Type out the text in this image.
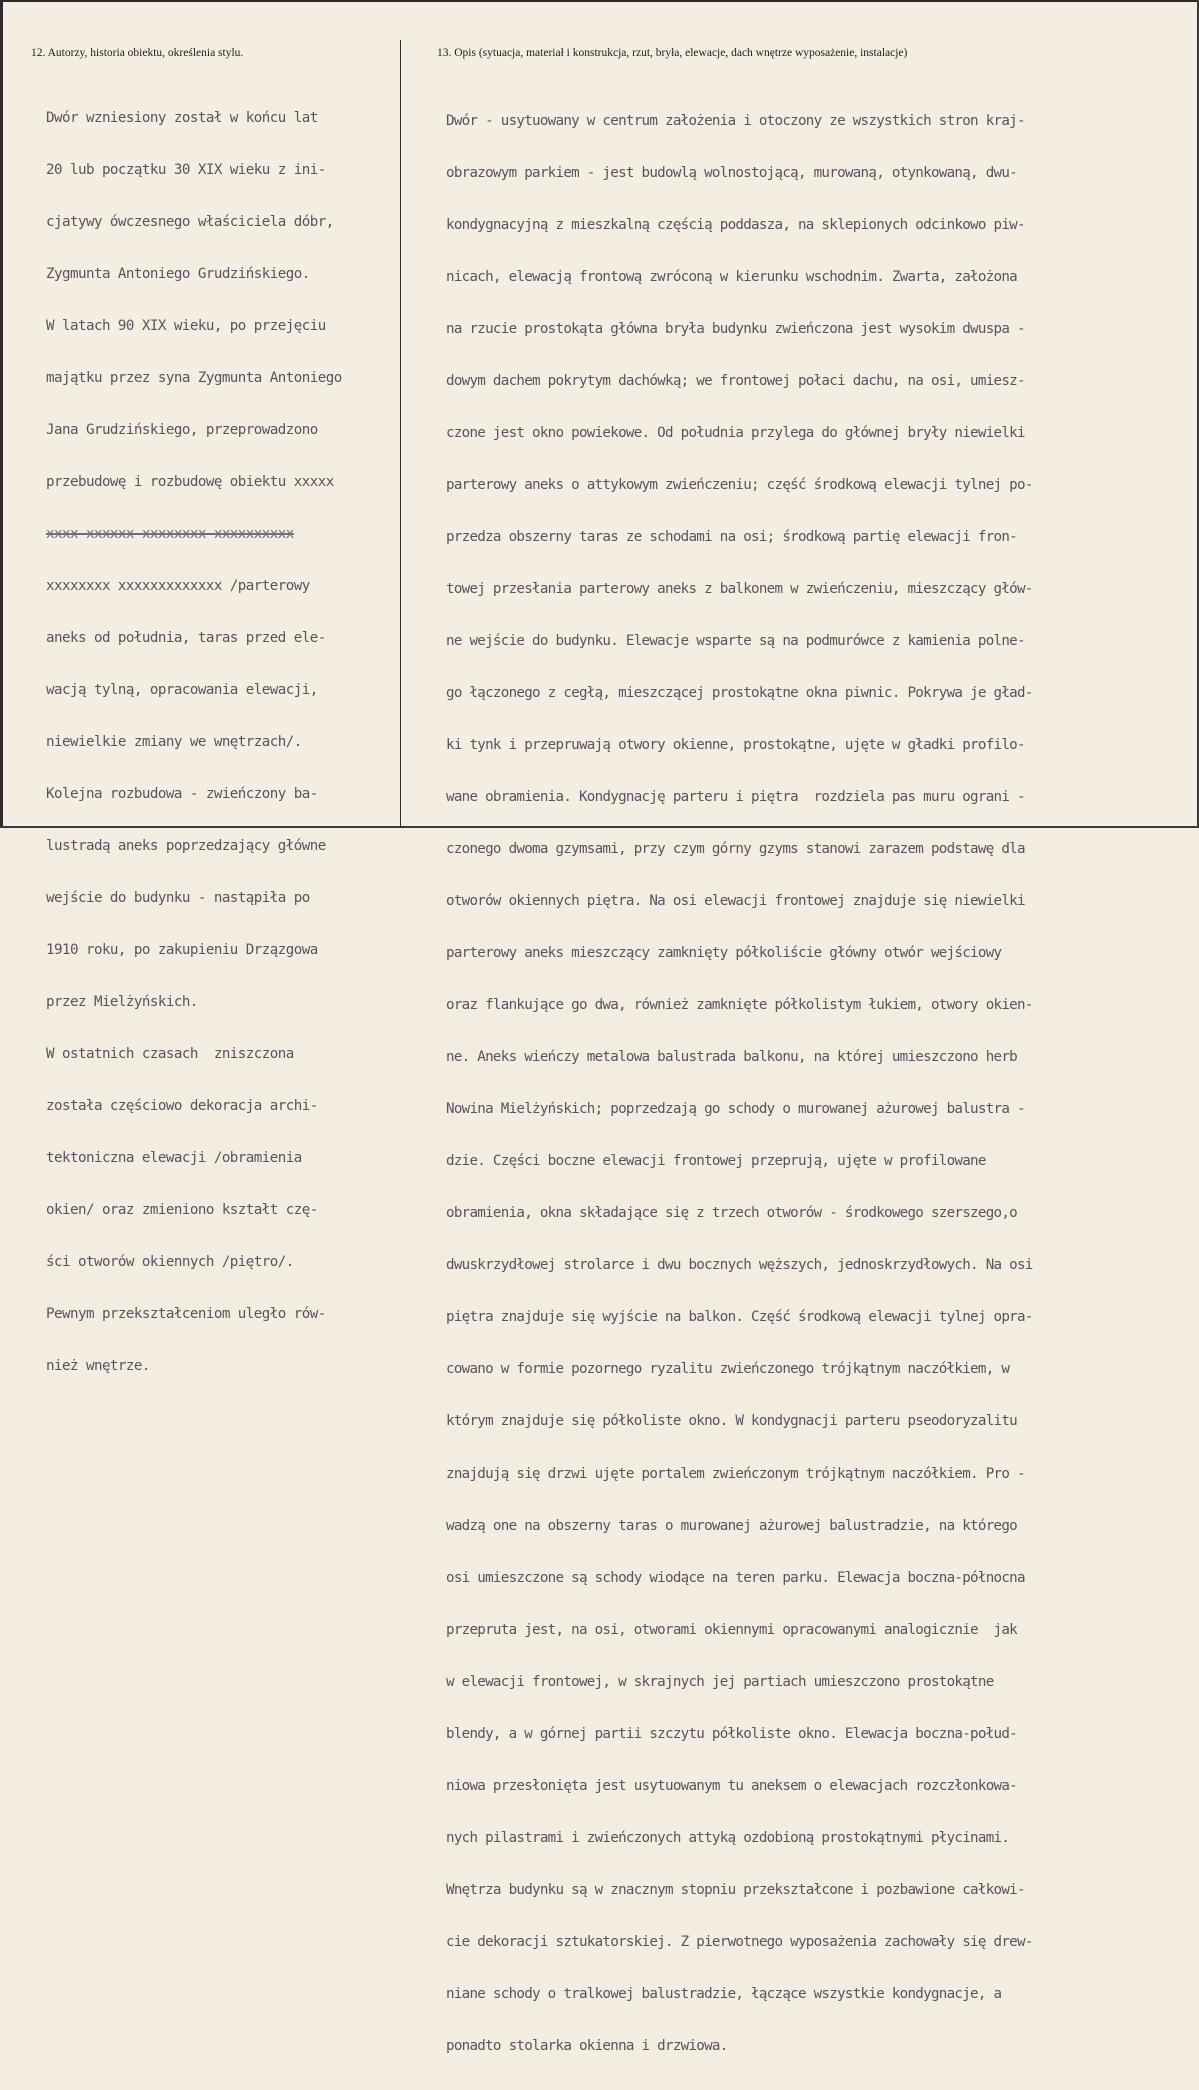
12. Autorzy, historia obiektu, określenia stylu.	13. Opis (sytuacja, materiał i konstrukcja, rzut, bryła, elewacje, dach wnętrze wyposażenie, instalacje)

Dwór wzniesiony został w końcu lat

20 lub początku 30 XIX wieku z ini-

cjatywy ówczesnego właściciela dóbr,

Zygmunta Antoniego Grudzińskiego.

W latach 90 XIX wieku, po przejęciu

majątku przez syna Zygmunta Antoniego

Jana Grudzińskiego, przeprowadzono

przebudowę i rozbudowę obiektu xxxxx

xxxx xxxxxx xxxxxxxx xxxxxxxxxx

xxxxxxxx xxxxxxxxxxxxx /parterowy

aneks od południa, taras przed ele-

wacją tylną, opracowania elewacji,

niewielkie zmiany we wnętrzach/.

Kolejna rozbudowa - zwieńczony ba-

lustradą aneks poprzedzający główne

wejście do budynku - nastąpiła po

1910 roku, po zakupieniu Drzązgowa

przez Mielżyńskich.

W ostatnich czasach  zniszczona

została częściowo dekoracja archi-

tektoniczna elewacji /obramienia

okien/ oraz zmieniono kształt czę-

ści otworów okiennych /piętro/.

Pewnym przekształceniom uległo rów-

nież wnętrze.

Dwór - usytuowany w centrum założenia i otoczony ze wszystkich stron kraj-

obrazowym parkiem - jest budowlą wolnostojącą, murowaną, otynkowaną, dwu-

kondygnacyjną z mieszkalną częścią poddasza, na sklepionych odcinkowo piw-

nicach, elewacją frontową zwróconą w kierunku wschodnim. Zwarta, założona

na rzucie prostokąta główna bryła budynku zwieńczona jest wysokim dwuspa -

dowym dachem pokrytym dachówką; we frontowej połaci dachu, na osi, umiesz-

czone jest okno powiekowe. Od południa przylega do głównej bryły niewielki

parterowy aneks o attykowym zwieńczeniu; część środkową elewacji tylnej po-

przedza obszerny taras ze schodami na osi; środkową partię elewacji fron-

towej przesłania parterowy aneks z balkonem w zwieńczeniu, mieszczący głów-

ne wejście do budynku. Elewacje wsparte są na podmurówce z kamienia polne-

go łączonego z cegłą, mieszczącej prostokątne okna piwnic. Pokrywa je gład-

ki tynk i przepruwają otwory okienne, prostokątne, ujęte w gładki profilo-

wane obramienia. Kondygnację parteru i piętra  rozdziela pas muru ograni -

czonego dwoma gzymsami, przy czym górny gzyms stanowi zarazem podstawę dla

otworów okiennych piętra. Na osi elewacji frontowej znajduje się niewielki

parterowy aneks mieszczący zamknięty półkoliście główny otwór wejściowy

oraz flankujące go dwa, również zamknięte półkolistym łukiem, otwory okien-

ne. Aneks wieńczy metalowa balustrada balkonu, na której umieszczono herb

Nowina Mielżyńskich; poprzedzają go schody o murowanej ażurowej balustra -

dzie. Części boczne elewacji frontowej przeprują, ujęte w profilowane

obramienia, okna składające się z trzech otworów - środkowego szerszego,o

dwuskrzydłowej strolarce i dwu bocznych węższych, jednoskrzydłowych. Na osi

piętra znajduje się wyjście na balkon. Część środkową elewacji tylnej opra-

cowano w formie pozornego ryzalitu zwieńczonego trójkątnym naczółkiem, w

którym znajduje się półkoliste okno. W kondygnacji parteru pseodoryzalitu

znajdują się drzwi ujęte portalem zwieńczonym trójkątnym naczółkiem. Pro -

wadzą one na obszerny taras o murowanej ażurowej balustradzie, na którego

osi umieszczone są schody wiodące na teren parku. Elewacja boczna-północna

przepruta jest, na osi, otworami okiennymi opracowanymi analogicznie  jak

w elewacji frontowej, w skrajnych jej partiach umieszczono prostokątne

blendy, a w górnej partii szczytu półkoliste okno. Elewacja boczna-połud-

niowa przesłonięta jest usytuowanym tu aneksem o elewacjach rozczłonkowa-

nych pilastrami i zwieńczonych attyką ozdobioną prostokątnymi płycinami.

Wnętrza budynku są w znacznym stopniu przekształcone i pozbawione całkowi-

cie dekoracji sztukatorskiej. Z pierwotnego wyposażenia zachowały się drew-

niane schody o tralkowej balustradzie, łączące wszystkie kondygnacje, a

ponadto stolarka okienna i drzwiowa.
